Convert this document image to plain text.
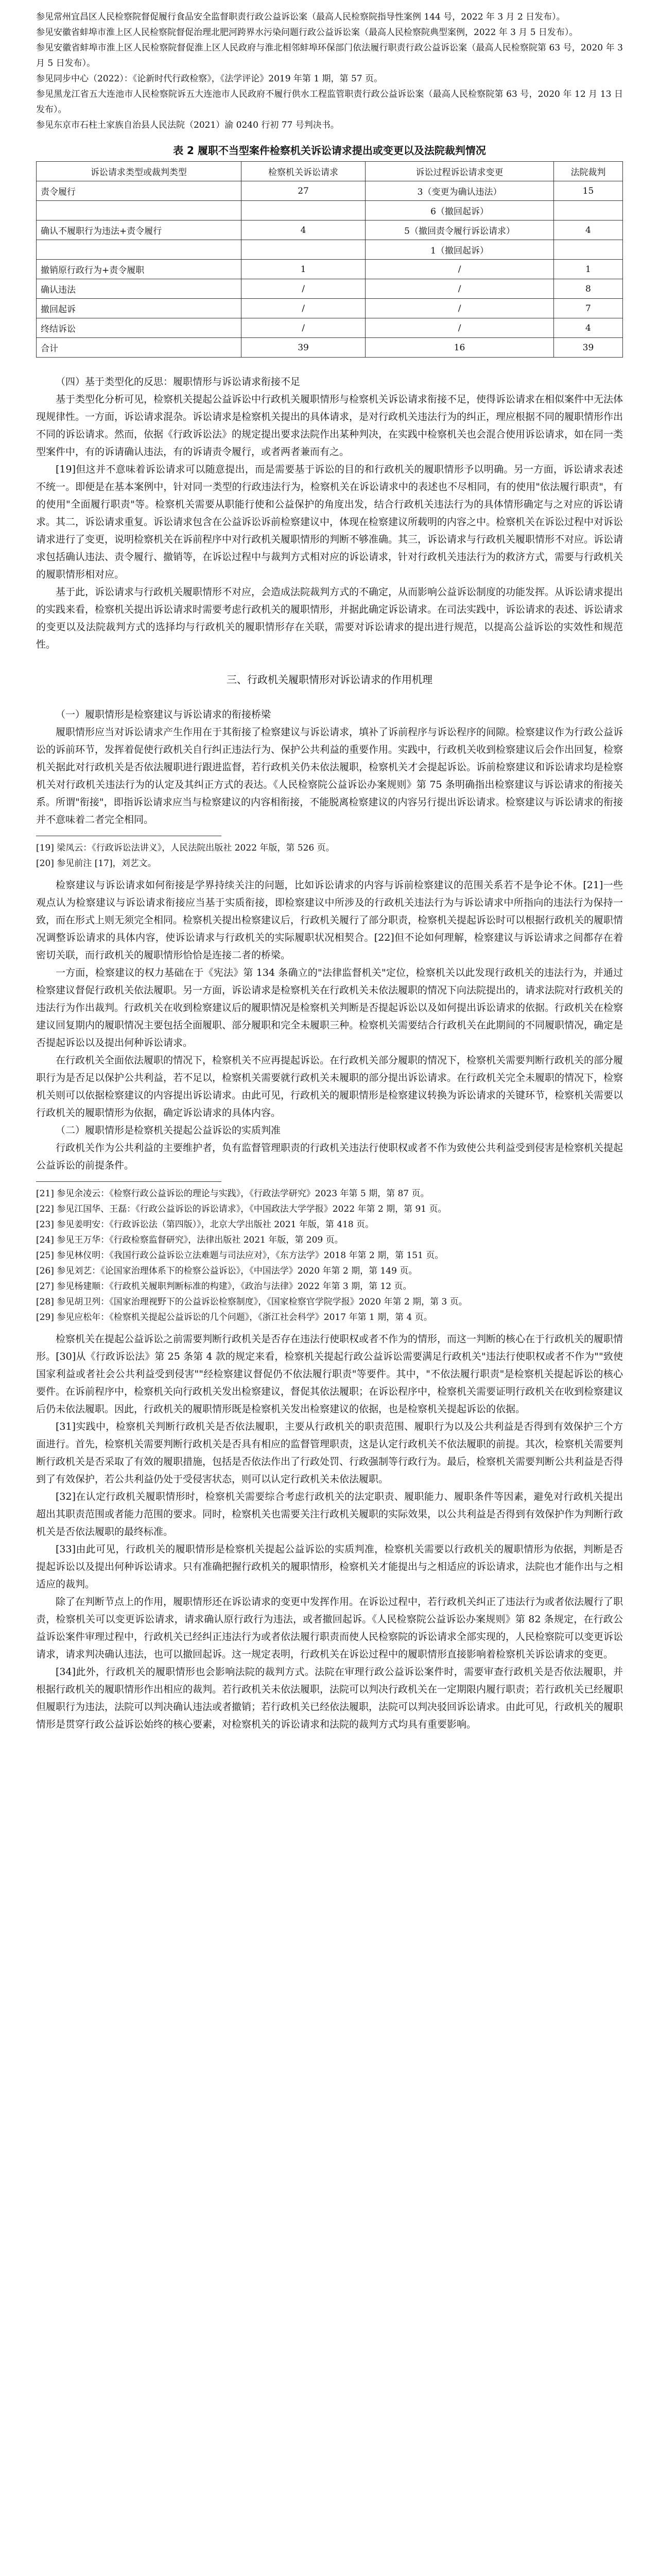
参见常州宜昌区人民检察院督促履行食品安全监督职责行政公益诉讼案（最高人民检察院指导性案例 144 号，2022 年 3 月 2 日发布）。

参见安徽省蚌埠市淮上区人民检察院督促治理北肥河跨界水污染问题行政公益诉讼案（最高人民检察院典型案例，2022 年 3 月 5 日发布）。

参见安徽省蚌埠市淮上区人民检察院督促淮上区人民政府与淮北相邻蚌埠环保部门依法履行职责行政公益诉讼案（最高人民检察院第 63 号，2020 年 3 月 5 日发布）。

参见同步中心（2022）：《论新时代行政检察》，《法学评论》2019 年第 1 期，第 57 页。

参见黑龙江省五大连池市人民检察院诉五大连池市人民政府不履行供水工程监管职责行政公益诉讼案（最高人民检察院第 63 号，2020 年 12 月 13 日发布）。

参见东京市石柱土家族自治县人民法院（2021）渝 0240 行初 77 号判决书。

表 2 履职不当型案件检察机关诉讼请求提出或变更以及法院裁判情况
诉讼请求类型或裁判类型	检察机关诉讼请求	诉讼过程诉讼请求变更	法院裁判
责令履行	27	3（变更为确认违法）	15
		6（撤回起诉）	
确认不履职行为违法+责令履行	4	5（撤回责令履行诉讼请求）	4
		1（撤回起诉）	
撤销原行政行为+责令履职	1	/	1
确认违法	/	/	8
撤回起诉	/	/	7
终结诉讼	/	/	4
合计	39	16	39

（四）基于类型化的反思：履职情形与诉讼请求衔接不足

基于类型化分析可见，检察机关提起公益诉讼中行政机关履职情形与检察机关诉讼请求衔接不足，使得诉讼请求在相似案件中无法体现规律性。一方面，诉讼请求混杂。诉讼请求是检察机关提出的具体请求，是对行政机关违法行为的纠正，理应根据不同的履职情形作出不同的诉讼请求。然而，依据《行政诉讼法》的规定提出要求法院作出某种判决，在实践中检察机关也会混合使用诉讼请求，如在同一类型案件中，有的诉请确认违法，有的诉请责令履行，或者两者兼而有之。

[19]但这并不意味着诉讼请求可以随意提出，而是需要基于诉讼的目的和行政机关的履职情形予以明确。另一方面，诉讼请求表述不统一。即便是在基本案例中，针对同一类型的行政违法行为，检察机关在诉讼请求中的表述也不尽相同，有的使用"依法履行职责"，有的使用"全面履行职责"等。检察机关需要从职能行使和公益保护的角度出发，结合行政机关违法行为的具体情形确定与之对应的诉讼请求。其二，诉讼请求重复。诉讼请求包含在公益诉讼诉前检察建议中，体现在检察建议所载明的内容之中。检察机关在诉讼过程中对诉讼请求进行了变更，说明检察机关在诉前程序中对行政机关履职情形的判断不够准确。其三，诉讼请求与行政机关履职情形不对应。诉讼请求包括确认违法、责令履行、撤销等，在诉讼过程中与裁判方式相对应的诉讼请求，针对行政机关违法行为的救济方式，需要与行政机关的履职情形相对应。

基于此，诉讼请求与行政机关履职情形不对应，会造成法院裁判方式的不确定，从而影响公益诉讼制度的功能发挥。从诉讼请求提出的实践来看，检察机关提出诉讼请求时需要考虑行政机关的履职情形，并据此确定诉讼请求。在司法实践中，诉讼请求的表述、诉讼请求的变更以及法院裁判方式的选择均与行政机关的履职情形存在关联，需要对诉讼请求的提出进行规范，以提高公益诉讼的实效性和规范性。

三、行政机关履职情形对诉讼请求的作用机理

（一）履职情形是检察建议与诉讼请求的衔接桥梁

履职情形应当对诉讼请求产生作用在于其衔接了检察建议与诉讼请求，填补了诉前程序与诉讼程序的间隙。检察建议作为行政公益诉讼的诉前环节，发挥着促使行政机关自行纠正违法行为、保护公共利益的重要作用。实践中，行政机关收到检察建议后会作出回复，检察机关据此对行政机关是否依法履职进行跟进监督，若行政机关仍未依法履职，检察机关才会提起诉讼。诉前检察建议和诉讼请求均是检察机关对行政机关违法行为的认定及其纠正方式的表达。《人民检察院公益诉讼办案规则》第 75 条明确指出检察建议与诉讼请求的衔接关系。所谓"衔接"，即指诉讼请求应当与检察建议的内容相衔接，不能脱离检察建议的内容另行提出诉讼请求。检察建议与诉讼请求的衔接并不意味着二者完全相同。

[19] 梁凤云：《行政诉讼法讲义》，人民法院出版社 2022 年版，第 526 页。

[20] 参见前注 [17]，刘艺文。

检察建议与诉讼请求如何衔接是学界持续关注的问题，比如诉讼请求的内容与诉前检察建议的范围关系若不是争论不休。[21]一些观点认为检察建议与诉讼请求衔接应当基于实质衔接，即检察建议中所涉及的行政机关违法行为与诉讼请求中所指向的违法行为保持一致，而在形式上则无须完全相同。检察机关提出检察建议后，行政机关履行了部分职责，检察机关提起诉讼时可以根据行政机关的履职情况调整诉讼请求的具体内容，使诉讼请求与行政机关的实际履职状况相契合。[22]但不论如何理解，检察建议与诉讼请求之间都存在着密切关联，而行政机关的履职情形恰恰是连接二者的桥梁。

一方面，检察建议的权力基础在于《宪法》第 134 条确立的"法律监督机关"定位，检察机关以此发现行政机关的违法行为，并通过检察建议督促行政机关依法履职。另一方面，诉讼请求是检察机关在行政机关未依法履职的情况下向法院提出的，请求法院对行政机关的违法行为作出裁判。行政机关在收到检察建议后的履职情况是检察机关判断是否提起诉讼以及如何提出诉讼请求的依据。行政机关在检察建议回复期内的履职情况主要包括全面履职、部分履职和完全未履职三种。检察机关需要结合行政机关在此期间的不同履职情况，确定是否提起诉讼以及提出何种诉讼请求。

在行政机关全面依法履职的情况下，检察机关不应再提起诉讼。在行政机关部分履职的情况下，检察机关需要判断行政机关的部分履职行为是否足以保护公共利益，若不足以，检察机关需要就行政机关未履职的部分提出诉讼请求。在行政机关完全未履职的情况下，检察机关则可以依据检察建议的内容提出诉讼请求。由此可见，行政机关的履职情形是检察建议转换为诉讼请求的关键环节，检察机关需要以行政机关的履职情形为依据，确定诉讼请求的具体内容。

（二）履职情形是检察机关提起公益诉讼的实质判准

行政机关作为公共利益的主要维护者，负有监督管理职责的行政机关违法行使职权或者不作为致使公共利益受到侵害是检察机关提起公益诉讼的前提条件。

[21] 参见余凌云：《检察行政公益诉讼的理论与实践》，《行政法学研究》2023 年第 5 期，第 87 页。

[22] 参见江国华、王磊：《行政公益诉讼的诉讼请求》，《中国政法大学学报》2022 年第 2 期，第 91 页。

[23] 参见姜明安：《行政诉讼法（第四版）》，北京大学出版社 2021 年版，第 418 页。

[24] 参见王万华：《行政检察监督研究》，法律出版社 2021 年版，第 209 页。

[25] 参见林仪明：《我国行政公益诉讼立法难题与司法应对》，《东方法学》2018 年第 2 期，第 151 页。

[26] 参见刘艺：《论国家治理体系下的检察公益诉讼》，《中国法学》2020 年第 2 期，第 149 页。

[27] 参见杨建顺：《行政机关履职判断标准的构建》，《政治与法律》2022 年第 3 期，第 12 页。

[28] 参见胡卫列：《国家治理视野下的公益诉讼检察制度》，《国家检察官学院学报》2020 年第 2 期，第 3 页。

[29] 参见应松年：《检察机关提起公益诉讼的几个问题》，《浙江社会科学》2017 年第 1 期，第 4 页。

检察机关在提起公益诉讼之前需要判断行政机关是否存在违法行使职权或者不作为的情形，而这一判断的核心在于行政机关的履职情形。[30]从《行政诉讼法》第 25 条第 4 款的规定来看，检察机关提起行政公益诉讼需要满足行政机关"违法行使职权或者不作为""致使国家利益或者社会公共利益受到侵害""经检察建议督促仍不依法履行职责"等要件。其中，"不依法履行职责"是检察机关提起诉讼的核心要件。在诉前程序中，检察机关向行政机关发出检察建议，督促其依法履职；在诉讼程序中，检察机关需要证明行政机关在收到检察建议后仍未依法履职。因此，行政机关的履职情形既是检察机关发出检察建议的依据，也是检察机关提起诉讼的依据。

[31]实践中，检察机关判断行政机关是否依法履职，主要从行政机关的职责范围、履职行为以及公共利益是否得到有效保护三个方面进行。首先，检察机关需要判断行政机关是否具有相应的监督管理职责，这是认定行政机关不依法履职的前提。其次，检察机关需要判断行政机关是否采取了有效的履职措施，包括是否依法作出了行政处罚、行政强制等行政行为。最后，检察机关需要判断公共利益是否得到了有效保护，若公共利益仍处于受侵害状态，则可以认定行政机关未依法履职。

[32]在认定行政机关履职情形时，检察机关需要综合考虑行政机关的法定职责、履职能力、履职条件等因素，避免对行政机关提出超出其职责范围或者能力范围的要求。同时，检察机关也需要关注行政机关履职的实际效果，以公共利益是否得到有效保护作为判断行政机关是否依法履职的最终标准。

[33]由此可见，行政机关的履职情形是检察机关提起公益诉讼的实质判准，检察机关需要以行政机关的履职情形为依据，判断是否提起诉讼以及提出何种诉讼请求。只有准确把握行政机关的履职情形，检察机关才能提出与之相适应的诉讼请求，法院也才能作出与之相适应的裁判。

除了在判断节点上的作用，履职情形还在诉讼请求的变更中发挥作用。在诉讼过程中，若行政机关纠正了违法行为或者依法履行了职责，检察机关可以变更诉讼请求，请求确认原行政行为违法，或者撤回起诉。《人民检察院公益诉讼办案规则》第 82 条规定，在行政公益诉讼案件审理过程中，行政机关已经纠正违法行为或者依法履行职责而使人民检察院的诉讼请求全部实现的，人民检察院可以变更诉讼请求，请求判决确认违法，也可以撤回起诉。这一规定表明，行政机关在诉讼过程中的履职情形直接影响着检察机关诉讼请求的变更。

[34]此外，行政机关的履职情形也会影响法院的裁判方式。法院在审理行政公益诉讼案件时，需要审查行政机关是否依法履职，并根据行政机关的履职情形作出相应的裁判。若行政机关未依法履职，法院可以判决行政机关在一定期限内履行职责；若行政机关已经履职但履职行为违法，法院可以判决确认违法或者撤销；若行政机关已经依法履职，法院可以判决驳回诉讼请求。由此可见，行政机关的履职情形是贯穿行政公益诉讼始终的核心要素，对检察机关的诉讼请求和法院的裁判方式均具有重要影响。
